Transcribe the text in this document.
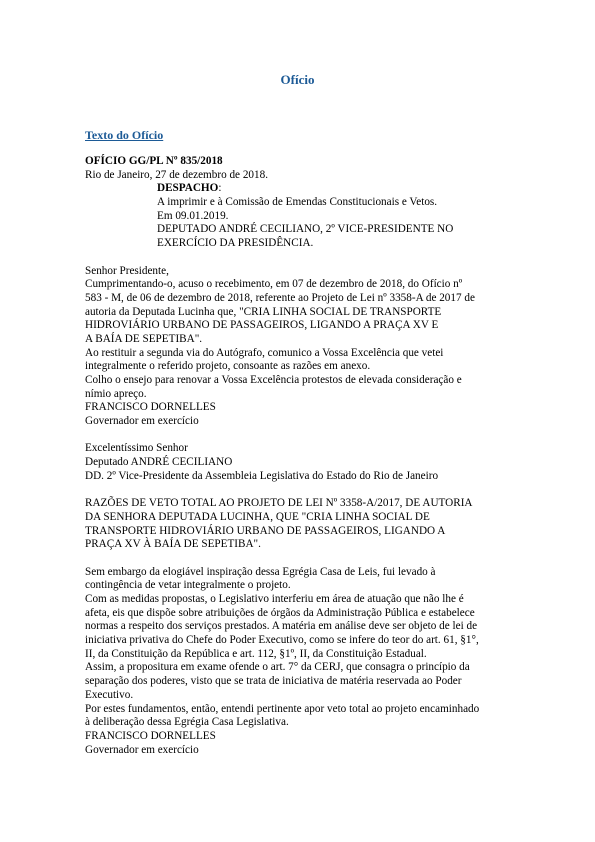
Ofício
Texto do Ofício
OFÍCIO GG/PL Nº 835/2018
Rio de Janeiro, 27 de dezembro de 2018.
DESPACHO:
A imprimir e à Comissão de Emendas Constitucionais e Vetos.
Em 09.01.2019.
DEPUTADO ANDRÉ CECILIANO, 2º VICE-PRESIDENTE NO
EXERCÍCIO DA PRESIDÊNCIA.
Senhor Presidente,
Cumprimentando-o, acuso o recebimento, em 07 de dezembro de 2018, do Ofício nº
583 - M, de 06 de dezembro de 2018, referente ao Projeto de Lei nº 3358-A de 2017 de
autoria da Deputada Lucinha que, "CRIA LINHA SOCIAL DE TRANSPORTE
HIDROVIÁRIO URBANO DE PASSAGEIROS, LIGANDO A PRAÇA XV E
A BAÍA DE SEPETIBA".
Ao restituir a segunda via do Autógrafo, comunico a Vossa Excelência que vetei
integralmente o referido projeto, consoante as razões em anexo.
Colho o ensejo para renovar a Vossa Excelência protestos de elevada consideração e
nímio apreço.
FRANCISCO DORNELLES
Governador em exercício
Excelentíssimo Senhor
Deputado ANDRÉ CECILIANO
DD. 2º Vice-Presidente da Assembleia Legislativa do Estado do Rio de Janeiro
RAZÕES DE VETO TOTAL AO PROJETO DE LEI Nº 3358-A/2017, DE AUTORIA
DA SENHORA DEPUTADA LUCINHA, QUE "CRIA LINHA SOCIAL DE
TRANSPORTE HIDROVIÁRIO URBANO DE PASSAGEIROS, LIGANDO A
PRAÇA XV À BAÍA DE SEPETIBA".
Sem embargo da elogiável inspiração dessa Egrégia Casa de Leis, fui levado à
contingência de vetar integralmente o projeto.
Com as medidas propostas, o Legislativo interferiu em área de atuação que não lhe é
afeta, eis que dispõe sobre atribuições de órgãos da Administração Pública e estabelece
normas a respeito dos serviços prestados. A matéria em análise deve ser objeto de lei de
iniciativa privativa do Chefe do Poder Executivo, como se infere do teor do art. 61, §1°,
II, da Constituição da República e art. 112, §1º, II, da Constituição Estadual.
Assim, a propositura em exame ofende o art. 7° da CERJ, que consagra o princípio da
separação dos poderes, visto que se trata de iniciativa de matéria reservada ao Poder
Executivo.
Por estes fundamentos, então, entendi pertinente apor veto total ao projeto encaminhado
à deliberação dessa Egrégia Casa Legislativa.
FRANCISCO DORNELLES
Governador em exercício
